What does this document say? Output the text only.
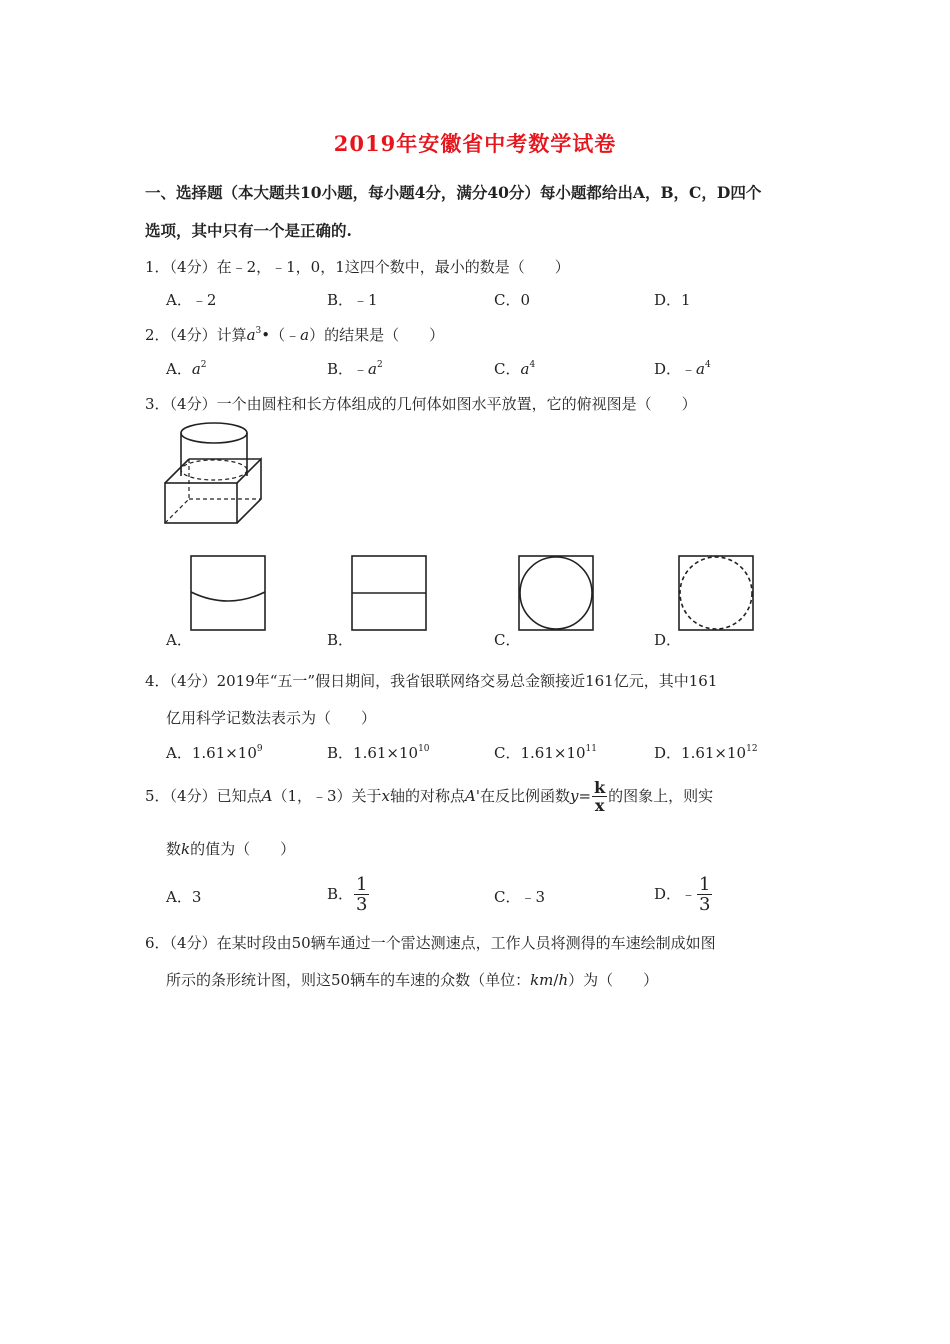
2019年安徽省中考数学试卷
一、选择题（本大题共10小题，每小题4分，满分40分）每小题都给出A，B，C，D四个
选项，其中只有一个是正确的.
1．（4分）在﹣2，﹣1，0，1这四个数中，最小的数是（　　）
A．﹣2	B．﹣1	C．0	D．1
2．（4分）计算$a^3•(﹣a)$的结果是（　　）
A．$a^2$	B．$﹣a^2$	C．$a^4$	D．$﹣a^4$
3．（4分）一个由圆柱和长方体组成的几何体如图水平放置，它的俯视图是（　　）
A．	B．	C．	D．
4．（4分）2019年“五一”假日期间，我省银联网络交易总金额接近161亿元，其中161
亿用科学记数法表示为（　　）
A．$1.61\times 10^9$	B．$1.61\times 10^{10}$	C．$1.61\times 10^{11}$	D．$1.61\times 10^{12}$
5．（4分）已知点A（1，﹣3）关于x轴的对称点A'在反比例函数$y= \frac{k}{x}$ 的图象上，则实
数k的值为（　　）
A．3	B． $\frac{1}{3}$	C．﹣3	D．﹣ $\frac{1}{3}$
6．（4分）在某时段由50辆车通过一个雷达测速点，工作人员将测得的车速绘制成如图
所示的条形统计图，则这50辆车的车速的众数（单位：km/h）为（　　）
